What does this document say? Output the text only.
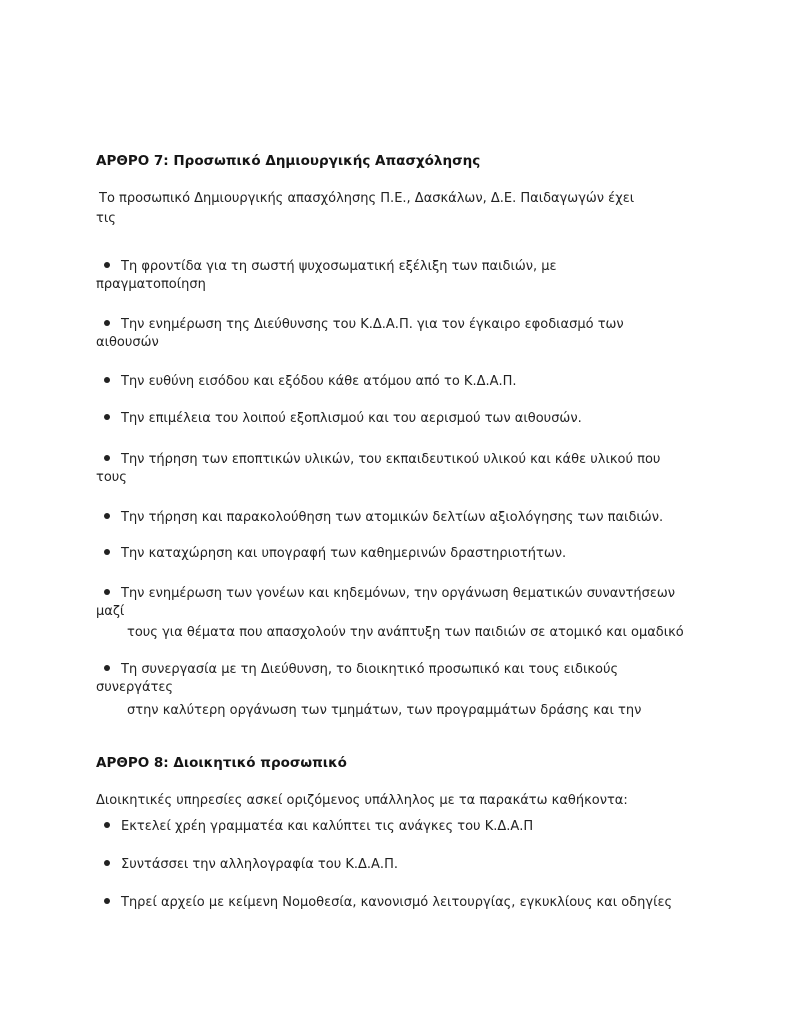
ΑΡΘΡΟ 7: Προσωπικό Δημιουργικής Απασχόλησης
Το προσωπικό Δημιουργικής απασχόλησης Π.Ε., Δασκάλων, Δ.Ε. Παιδαγωγών έχει
τις
Τη φροντίδα για τη σωστή ψυχοσωματική εξέλιξη των παιδιών, με
πραγματοποίηση
Την ενημέρωση της Διεύθυνσης του Κ.Δ.Α.Π. για τον έγκαιρο εφοδιασμό των
αιθουσών
Την ευθύνη εισόδου και εξόδου κάθε ατόμου από το Κ.Δ.Α.Π.
Την επιμέλεια του λοιπού εξοπλισμού και του αερισμού των αιθουσών.
Την τήρηση των εποπτικών υλικών, του εκπαιδευτικού υλικού και κάθε υλικού που
τους
Την τήρηση και παρακολούθηση των ατομικών δελτίων αξιολόγησης των παιδιών.
Την καταχώρηση και υπογραφή των καθημερινών δραστηριοτήτων.
Την ενημέρωση των γονέων και κηδεμόνων, την οργάνωση θεματικών συναντήσεων
μαζί
τους για θέματα που απασχολούν την ανάπτυξη των παιδιών σε ατομικό και ομαδικό
Τη συνεργασία με τη Διεύθυνση, το διοικητικό προσωπικό και τους ειδικούς
συνεργάτες
στην καλύτερη οργάνωση των τμημάτων, των προγραμμάτων δράσης και την
ΑΡΘΡΟ 8: Διοικητικό προσωπικό
Διοικητικές υπηρεσίες ασκεί οριζόμενος υπάλληλος με τα παρακάτω καθήκοντα:
Εκτελεί χρέη γραμματέα και καλύπτει τις ανάγκες του Κ.Δ.Α.Π
Συντάσσει την αλληλογραφία του Κ.Δ.Α.Π.
Τηρεί αρχείο με κείμενη Νομοθεσία, κανονισμό λειτουργίας, εγκυκλίους και οδηγίες
